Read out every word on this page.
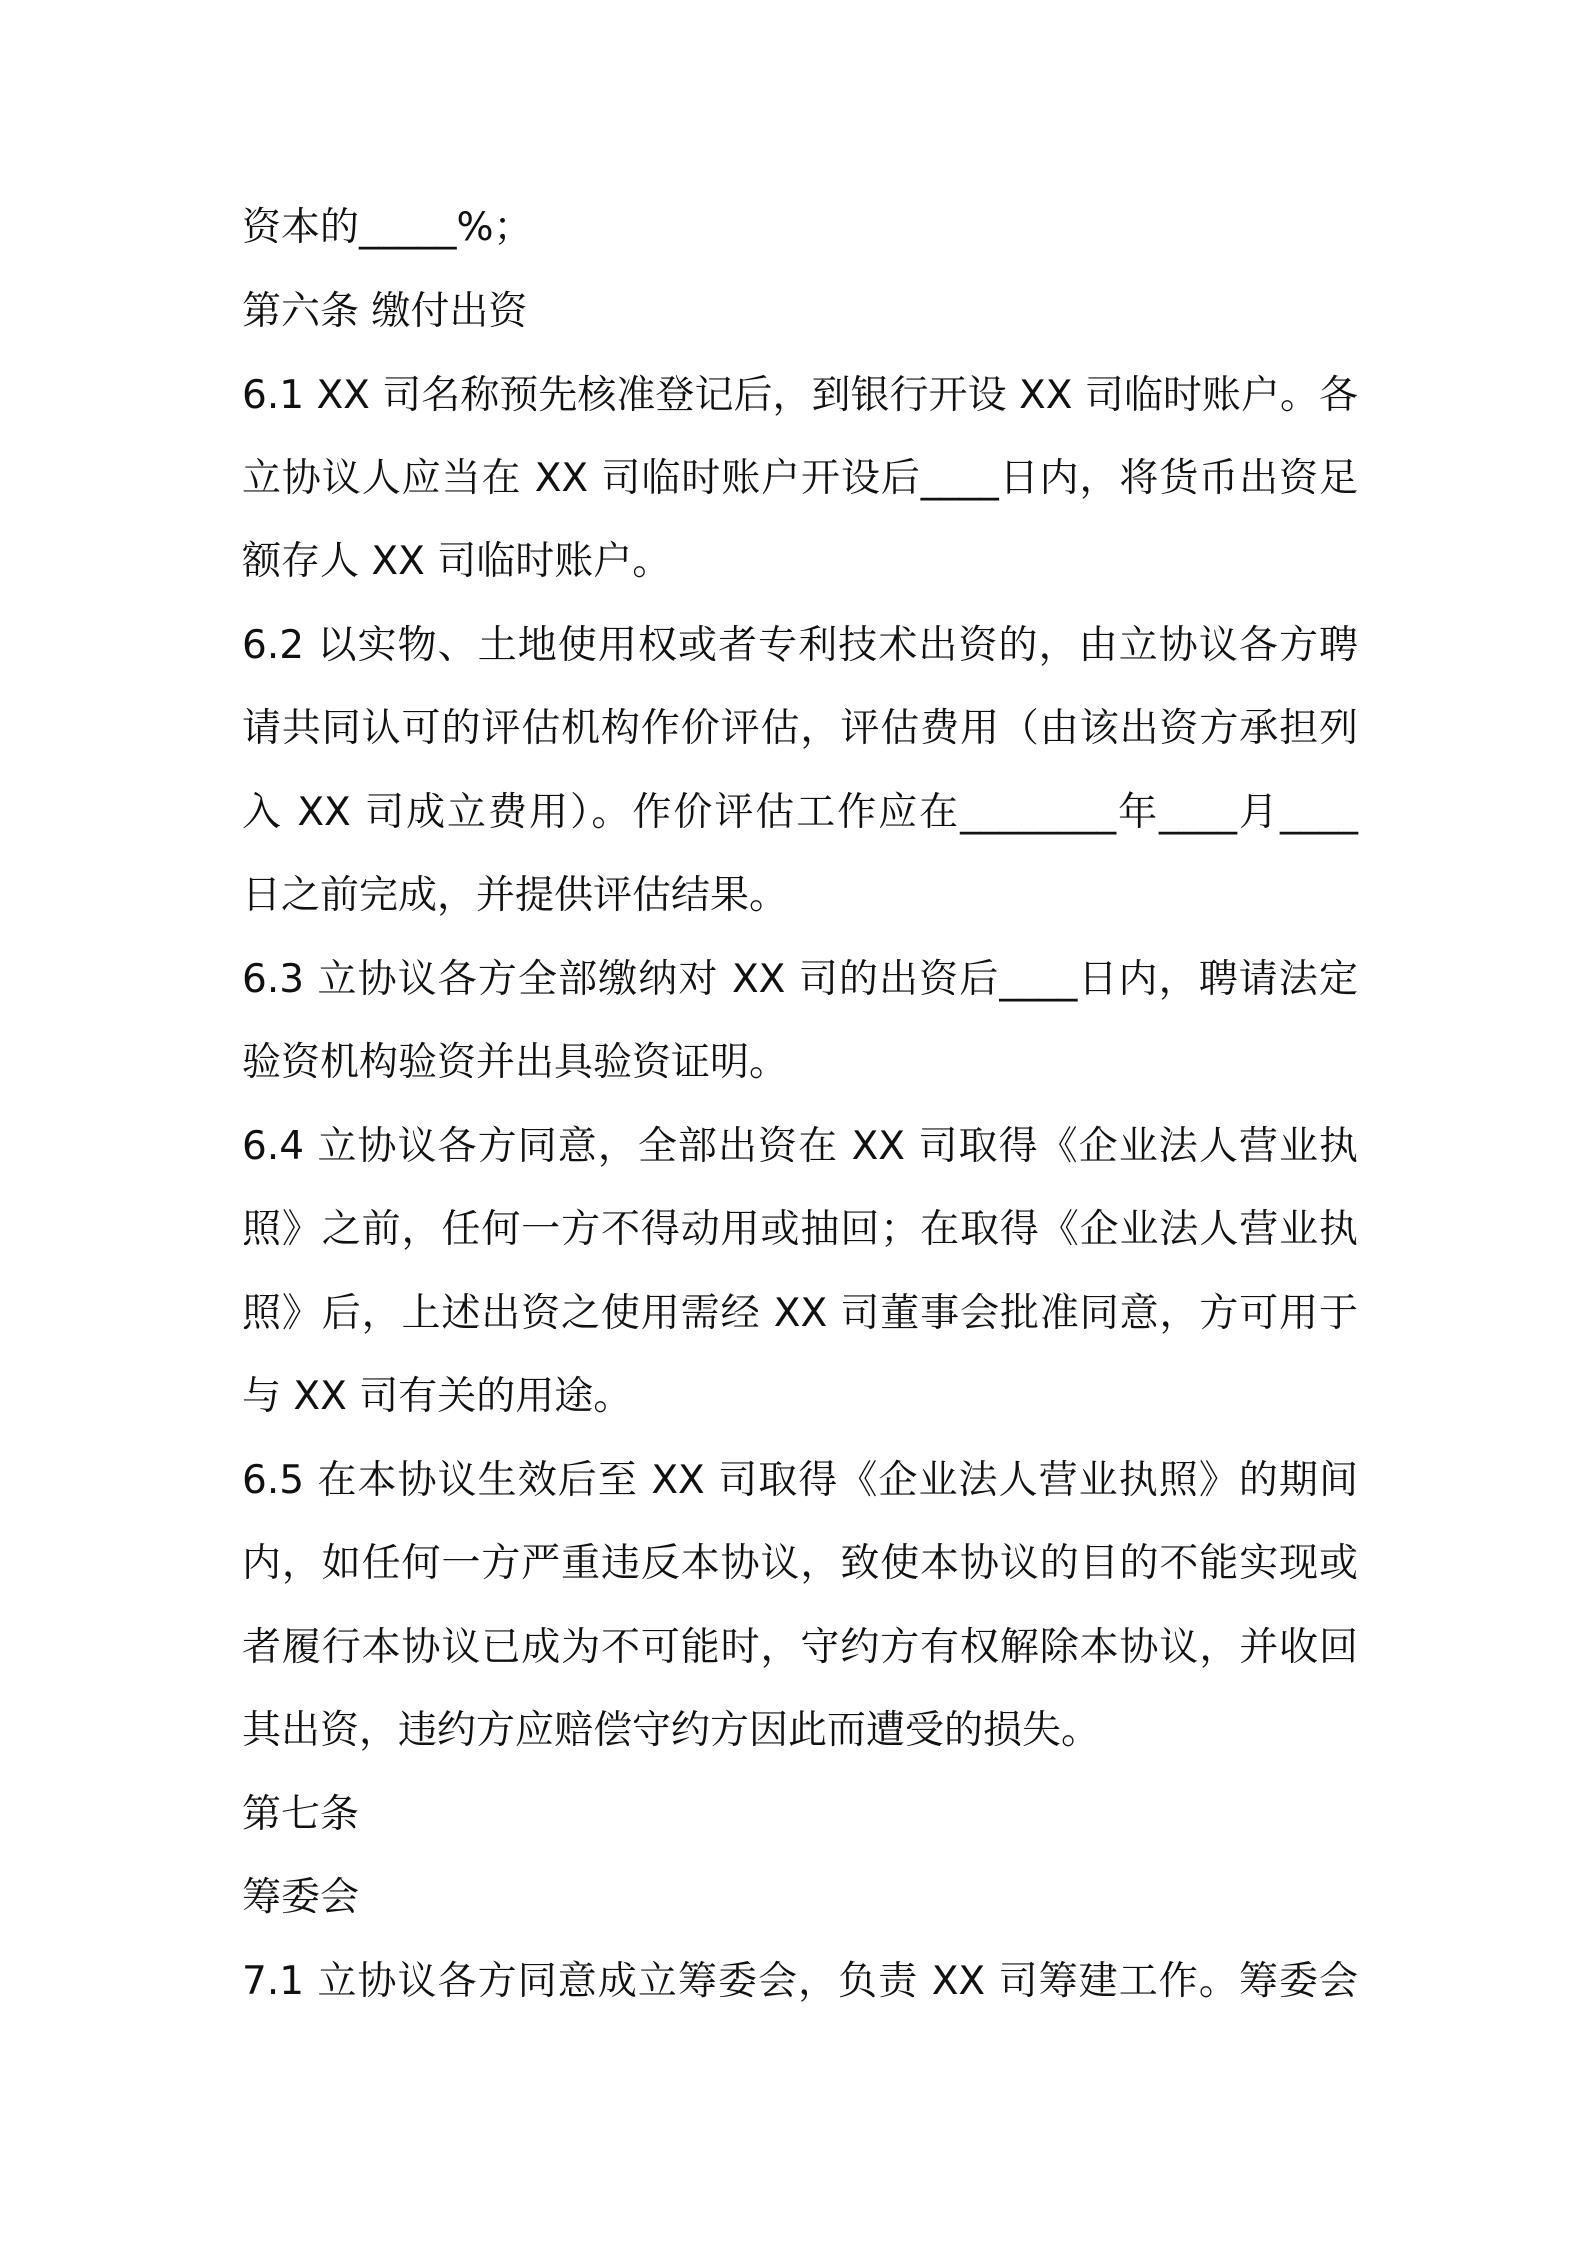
资本的_____%；
第六条 缴付出资
6.1 XX 司名称预先核准登记后，到银行开设 XX 司临时账户。各
立协议人应当在 XX 司临时账户开设后____日内，将货币出资足
额存人 XX 司临时账户。
6.2 以实物、土地使用权或者专利技术出资的，由立协议各方聘
请共同认可的评估机构作价评估，评估费用（由该出资方承担列
入 XX 司成立费用）。作价评估工作应在________年____月____
日之前完成，并提供评估结果。
6.3 立协议各方全部缴纳对 XX 司的出资后____日内，聘请法定
验资机构验资并出具验资证明。
6.4 立协议各方同意，全部出资在 XX 司取得《企业法人营业执
照》之前，任何一方不得动用或抽回；在取得《企业法人营业执
照》后，上述出资之使用需经 XX 司董事会批准同意，方可用于
与 XX 司有关的用途。
6.5 在本协议生效后至 XX 司取得《企业法人营业执照》的期间
内，如任何一方严重违反本协议，致使本协议的目的不能实现或
者履行本协议已成为不可能时，守约方有权解除本协议，并收回
其出资，违约方应赔偿守约方因此而遭受的损失。
第七条
筹委会
7.1 立协议各方同意成立筹委会，负责 XX 司筹建工作。筹委会
